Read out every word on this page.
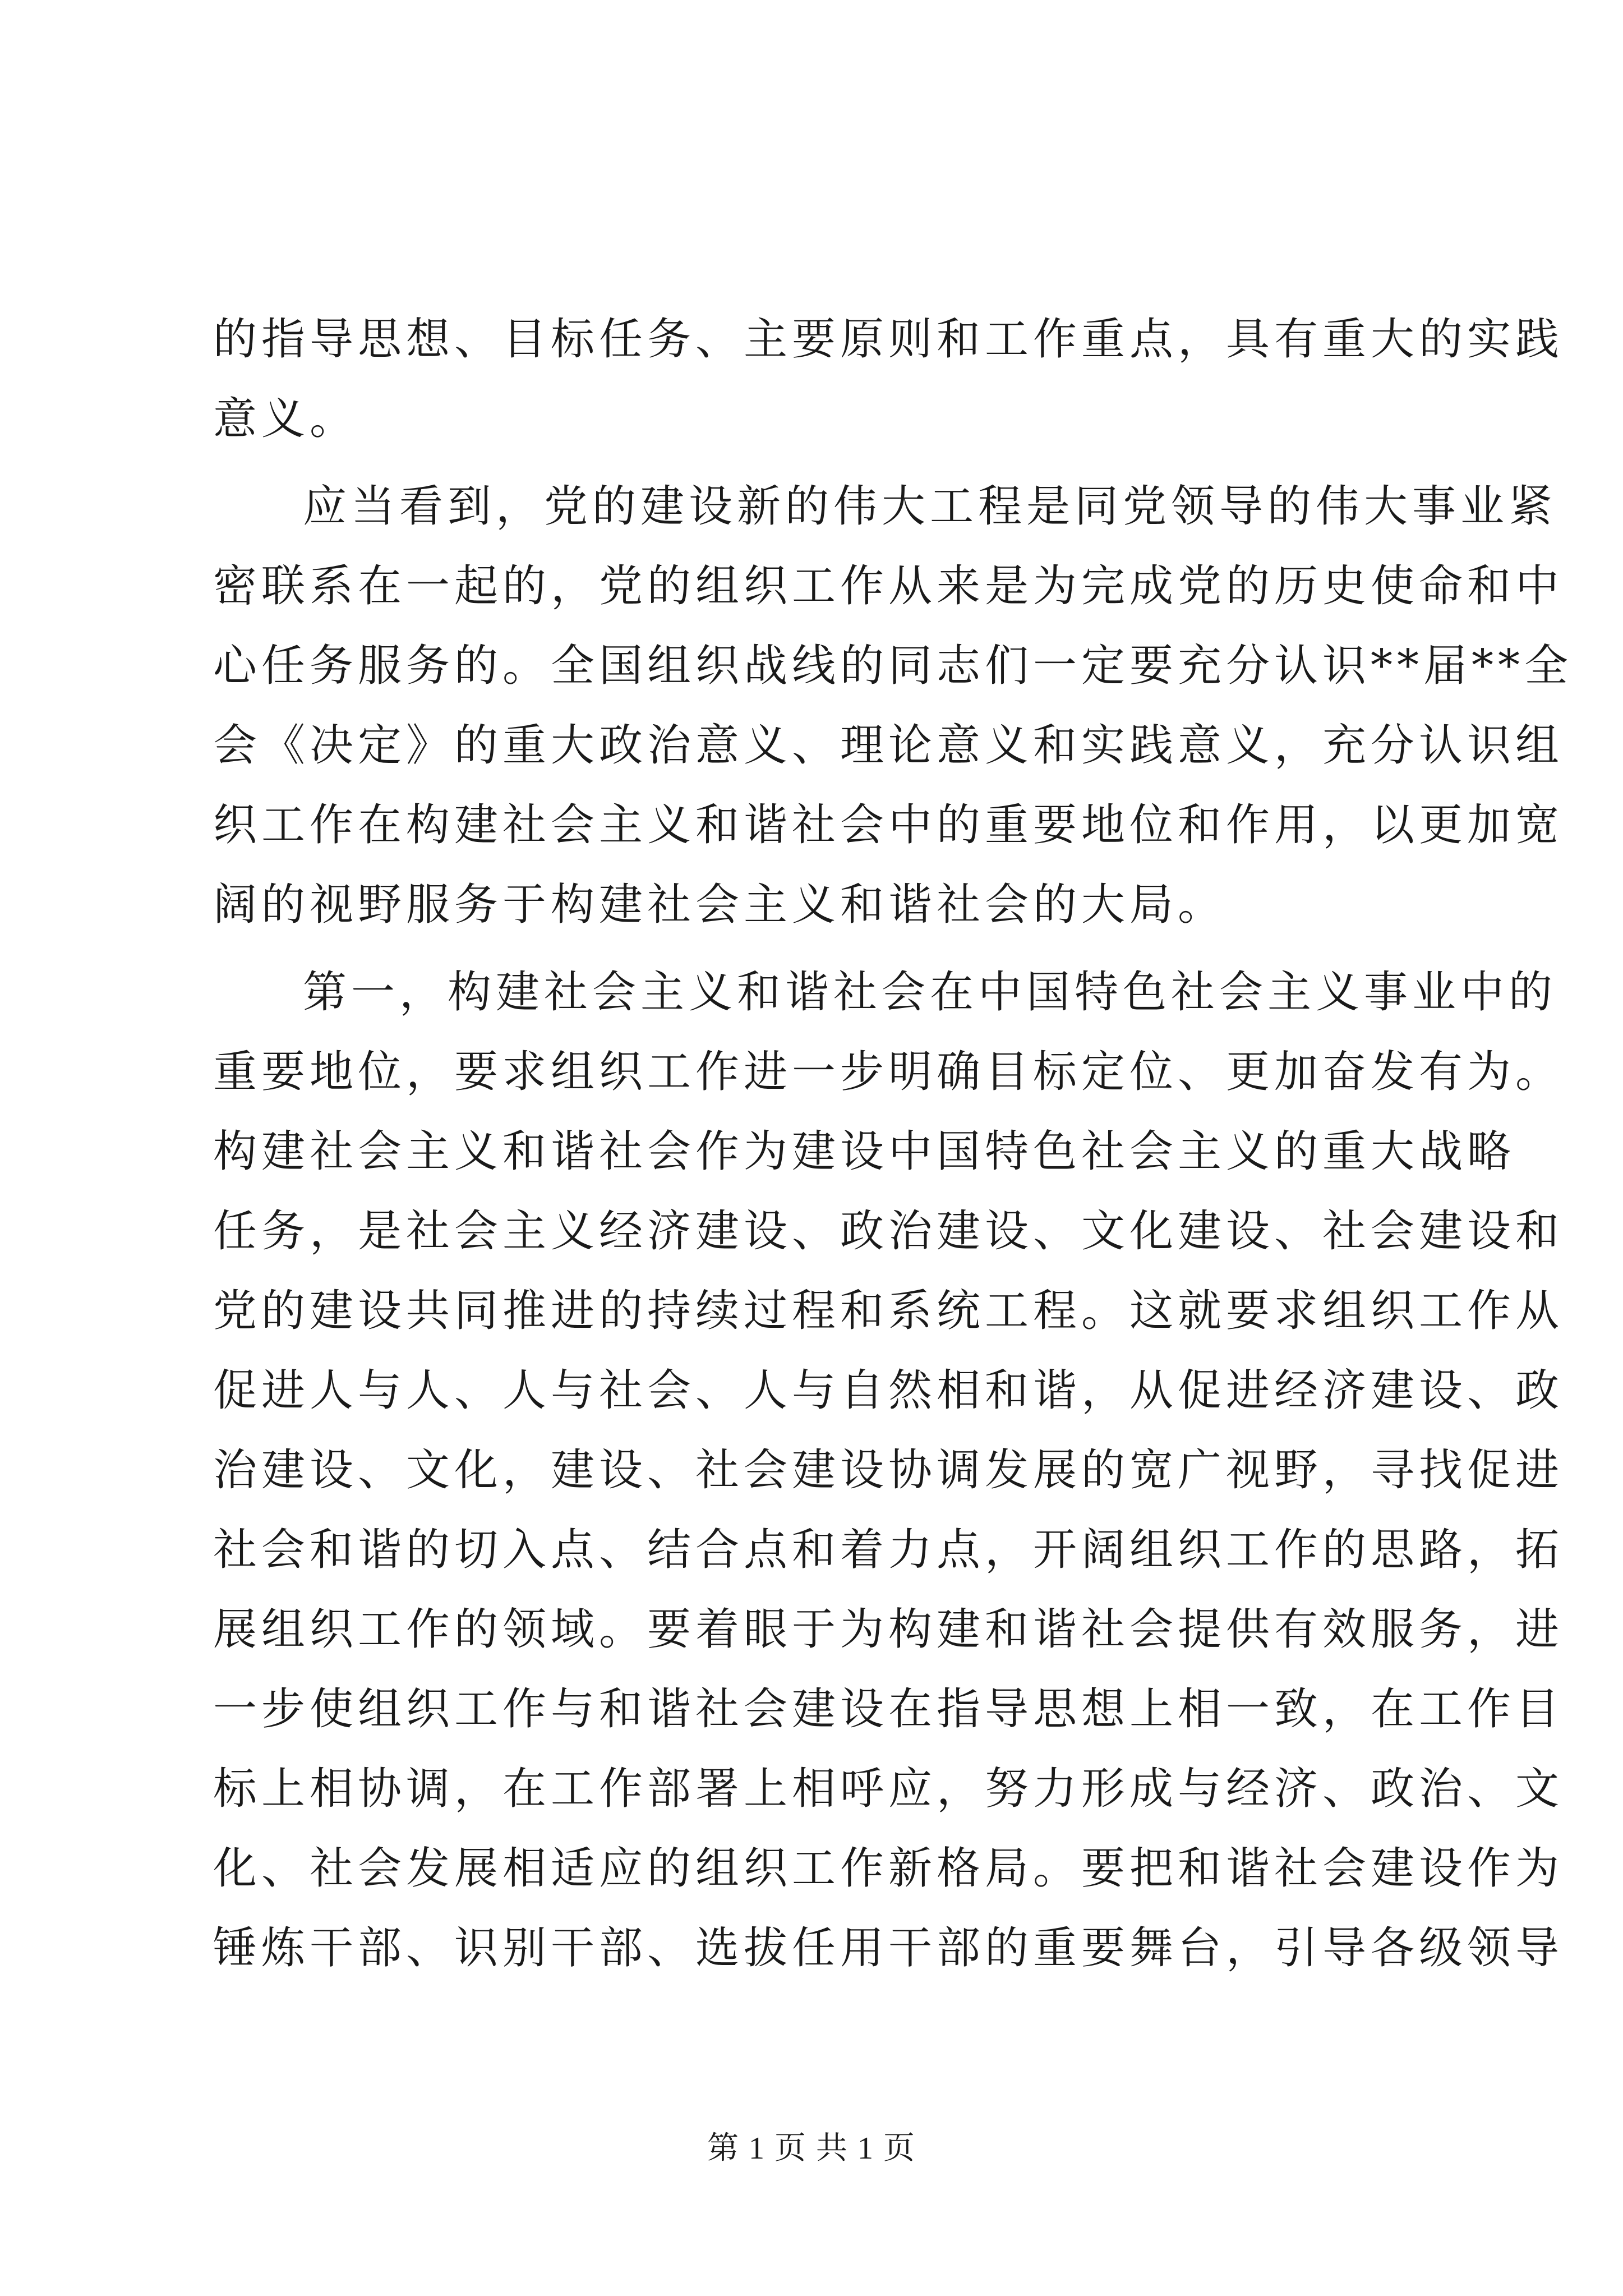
的指导思想、目标任务、主要原则和工作重点，具有重大的实践
意义。
应当看到，党的建设新的伟大工程是同党领导的伟大事业紧
密联系在一起的，党的组织工作从来是为完成党的历史使命和中
心任务服务的。全国组织战线的同志们一定要充分认识**届**全
会《决定》的重大政治意义、理论意义和实践意义，充分认识组
织工作在构建社会主义和谐社会中的重要地位和作用，以更加宽
阔的视野服务于构建社会主义和谐社会的大局。
第一，构建社会主义和谐社会在中国特色社会主义事业中的
重要地位，要求组织工作进一步明确目标定位、更加奋发有为。
构建社会主义和谐社会作为建设中国特色社会主义的重大战略
任务，是社会主义经济建设、政治建设、文化建设、社会建设和
党的建设共同推进的持续过程和系统工程。这就要求组织工作从
促进人与人、人与社会、人与自然相和谐，从促进经济建设、政
治建设、文化，建设、社会建设协调发展的宽广视野，寻找促进
社会和谐的切入点、结合点和着力点，开阔组织工作的思路，拓
展组织工作的领域。要着眼于为构建和谐社会提供有效服务，进
一步使组织工作与和谐社会建设在指导思想上相一致，在工作目
标上相协调，在工作部署上相呼应，努力形成与经济、政治、文
化、社会发展相适应的组织工作新格局。要把和谐社会建设作为
锤炼干部、识别干部、选拔任用干部的重要舞台，引导各级领导
第 1 页 共 1 页
